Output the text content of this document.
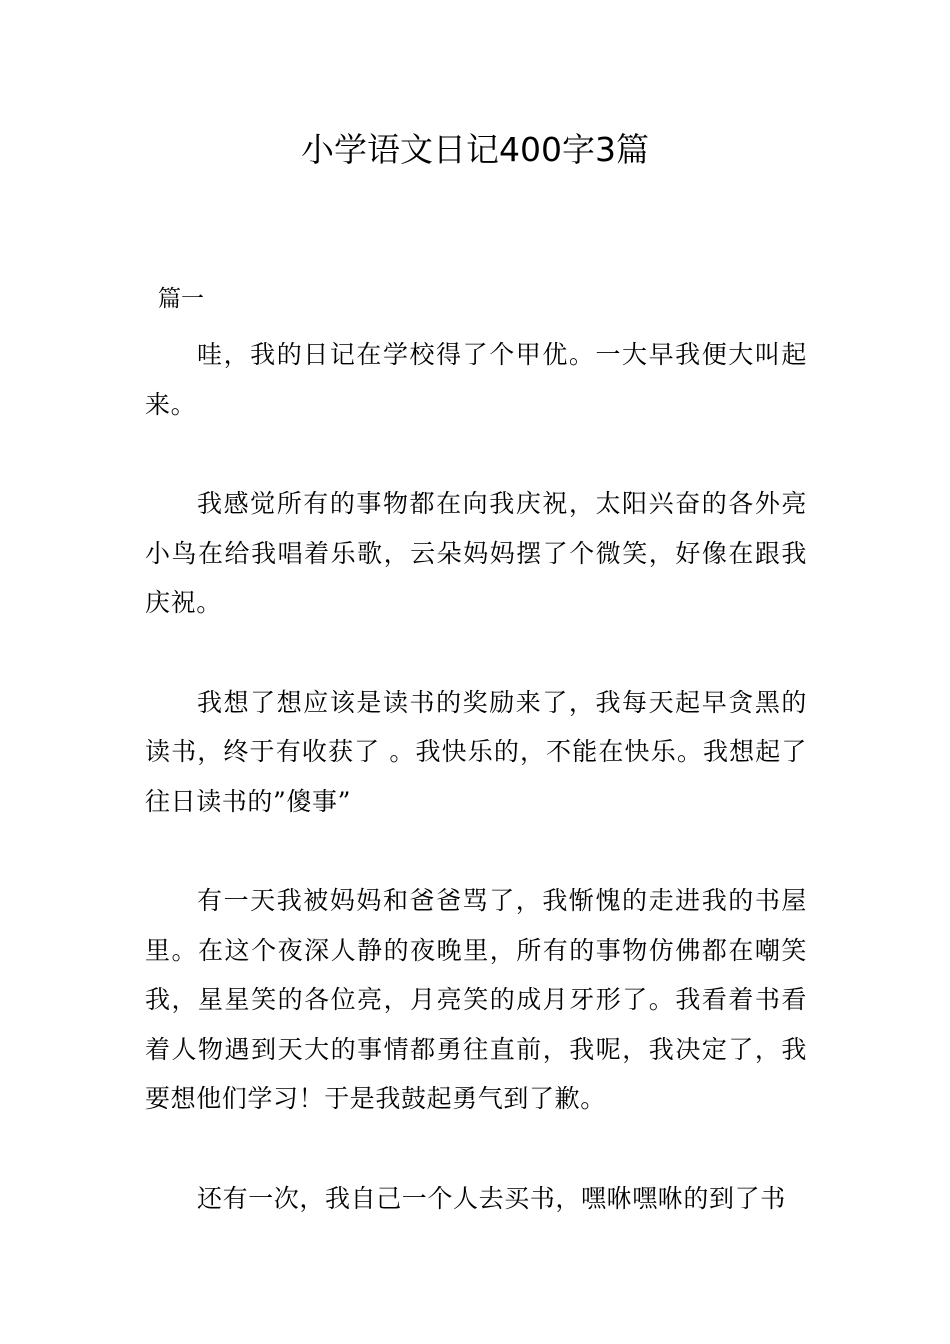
小学语文日记400字3篇
篇一

哇，我的日记在学校得了个甲优。一大早我便大叫起来。

我感觉所有的事物都在向我庆祝，太阳兴奋的各外亮小鸟在给我唱着乐歌，云朵妈妈摆了个微笑，好像在跟我庆祝。

我想了想应该是读书的奖励来了，我每天起早贪黑的读书，终于有收获了 。我快乐的，不能在快乐。我想起了往日读书的”傻事”

有一天我被妈妈和爸爸骂了，我惭愧的走进我的书屋里。在这个夜深人静的夜晚里，所有的事物仿佛都在嘲笑我，星星笑的各位亮，月亮笑的成月牙形了。我看着书看着人物遇到天大的事情都勇往直前，我呢，我决定了，我要想他们学习！于是我鼓起勇气到了歉。

还有一次，我自己一个人去买书，嘿咻嘿咻的到了书
